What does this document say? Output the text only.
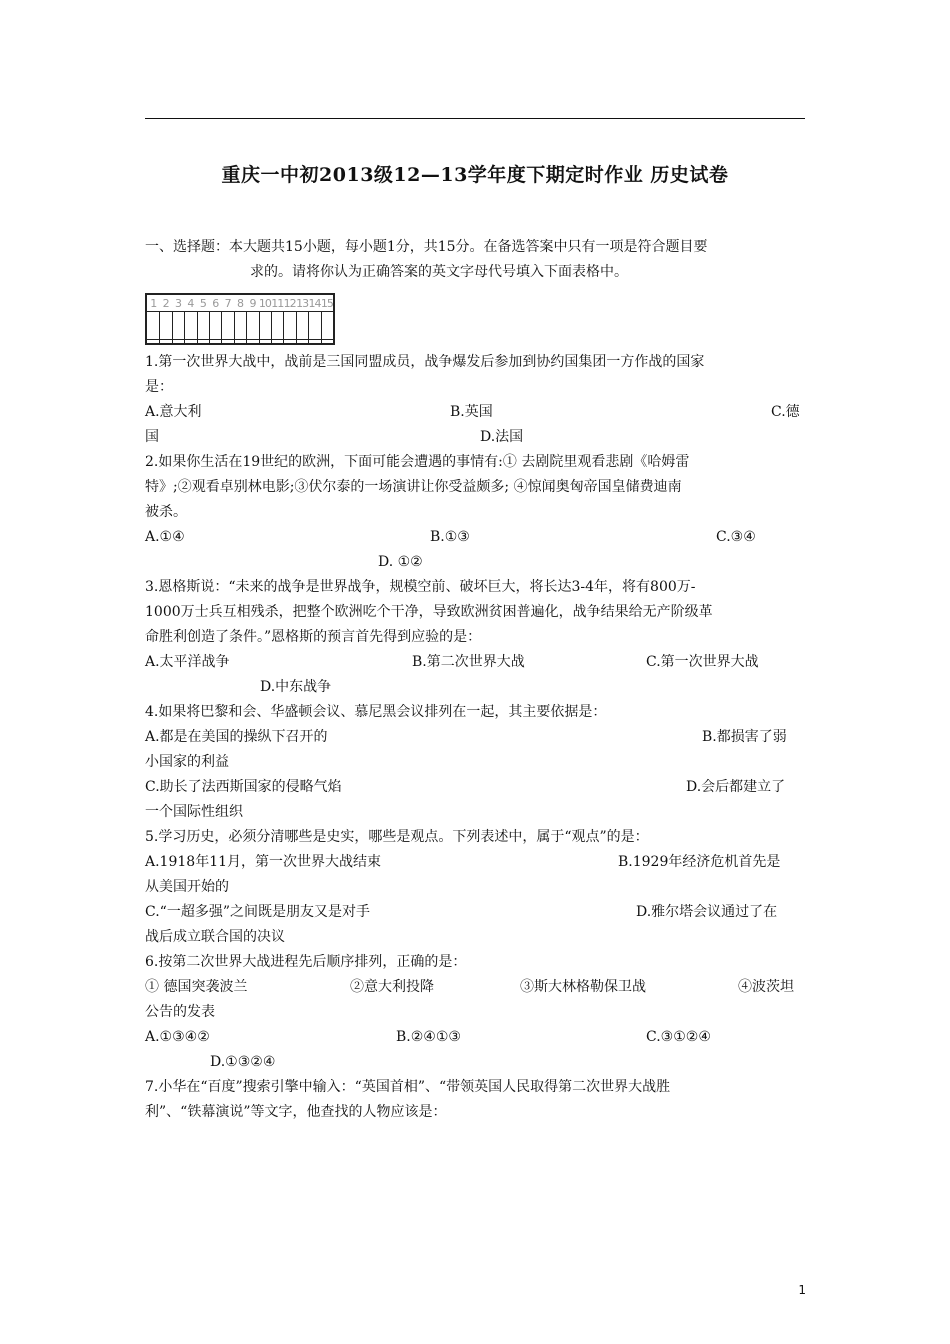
重庆一中初2013级12—13学年度下期定时作业 历史试卷
一、选择题：本大题共15小题，每小题1分，共15分。在备选答案中只有一项是符合题目要
求的。请将你认为正确答案的英文字母代号填入下面表格中。
1 2 3 4 5 6 7 8 9 10 11 12 13 14 15
1.第一次世界大战中，战前是三国同盟成员，战争爆发后参加到协约国集团一方作战的国家
是：
A.意大利	B.英国	C.德
国	D.法国
2.如果你生活在19世纪的欧洲，下面可能会遭遇的事情有:① 去剧院里观看悲剧《哈姆雷
特》;②观看卓别林电影;③伏尔泰的一场演讲让你受益颇多; ④惊闻奥匈帝国皇储费迪南
被杀。
A.①④	B.①③	C.③④
D. ①②
3.恩格斯说：“未来的战争是世界战争，规模空前、破坏巨大，将长达3-4年，将有800万-
1000万士兵互相残杀，把整个欧洲吃个干净，导致欧洲贫困普遍化，战争结果给无产阶级革
命胜利创造了条件。”恩格斯的预言首先得到应验的是：
A.太平洋战争	B.第二次世界大战	C.第一次世界大战
D.中东战争
4.如果将巴黎和会、华盛顿会议、慕尼黑会议排列在一起，其主要依据是：
A.都是在美国的操纵下召开的	B.都损害了弱
小国家的利益
C.助长了法西斯国家的侵略气焰	D.会后都建立了
一个国际性组织
5.学习历史，必须分清哪些是史实，哪些是观点。下列表述中，属于“观点”的是：
A.1918年11月，第一次世界大战结束	B.1929年经济危机首先是
从美国开始的
C.“一超多强”之间既是朋友又是对手	D.雅尔塔会议通过了在
战后成立联合国的决议
6.按第二次世界大战进程先后顺序排列，正确的是：
① 德国突袭波兰	②意大利投降	③斯大林格勒保卫战	④波茨坦
公告的发表
A.①③④②	B.②④①③	C.③①②④
D.①③②④
7.小华在“百度”搜索引擎中输入：“英国首相”、“带领英国人民取得第二次世界大战胜
利”、“铁幕演说”等文字，他查找的人物应该是：
1
